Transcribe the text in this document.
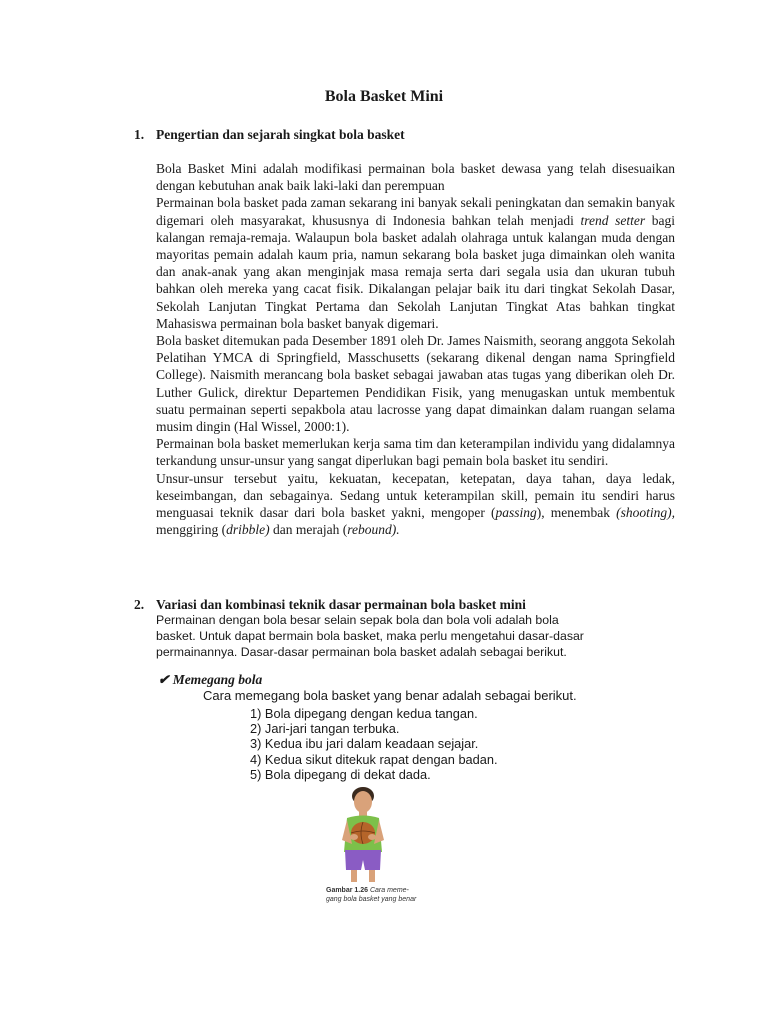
Bola Basket Mini
1. Pengertian dan sejarah singkat bola basket

Bola Basket Mini adalah modifikasi permainan bola basket dewasa yang telah disesuaikan dengan kebutuhan anak baik laki-laki dan perempuan

Permainan bola basket pada zaman sekarang ini banyak sekali peningkatan dan semakin banyak digemari oleh masyarakat, khususnya di Indonesia bahkan telah menjadi trend setter bagi kalangan remaja-remaja. Walaupun bola basket adalah olahraga untuk kalangan muda dengan mayoritas pemain adalah kaum pria, namun sekarang bola basket juga dimainkan oleh wanita dan anak-anak yang akan menginjak masa remaja serta dari segala usia dan ukuran tubuh bahkan oleh mereka yang cacat fisik. Dikalangan pelajar baik itu dari tingkat Sekolah Dasar, Sekolah Lanjutan Tingkat Pertama dan Sekolah Lanjutan Tingkat Atas bahkan tingkat Mahasiswa permainan bola basket banyak digemari.

Bola basket ditemukan pada Desember 1891 oleh Dr. James Naismith, seorang anggota Sekolah Pelatihan YMCA di Springfield, Masschusetts (sekarang dikenal dengan nama Springfield College). Naismith merancang bola basket sebagai jawaban atas tugas yang diberikan oleh Dr. Luther Gulick, direktur Departemen Pendidikan Fisik, yang menugaskan untuk membentuk suatu permainan seperti sepakbola atau lacrosse yang dapat dimainkan dalam ruangan selama musim dingin (Hal Wissel, 2000:1).

Permainan bola basket memerlukan kerja sama tim dan keterampilan individu yang didalamnya terkandung unsur-unsur yang sangat diperlukan bagi pemain bola basket itu sendiri.

Unsur-unsur tersebut yaitu, kekuatan, kecepatan, ketepatan, daya tahan, daya ledak, keseimbangan, dan sebagainya. Sedang untuk keterampilan skill, pemain itu sendiri harus menguasai teknik dasar dari bola basket yakni, mengoper (passing), menembak (shooting), menggiring (dribble) dan merajah (rebound).

2. Variasi dan kombinasi teknik dasar permainan bola basket mini
Permainan dengan bola besar selain sepak bola dan bola voli adalah bola
basket. Untuk dapat bermain bola basket, maka perlu mengetahui dasar-dasar
permainannya. Dasar-dasar permainan bola basket adalah sebagai berikut.
✔ Memegang bola
Cara memegang bola basket yang benar adalah sebagai berikut.
1) Bola dipegang dengan kedua tangan.
2) Jari-jari tangan terbuka.
3) Kedua ibu jari dalam keadaan sejajar.
4) Kedua sikut ditekuk rapat dengan badan.
5) Bola dipegang di dekat dada.
Gambar 1.26 Cara meme-
gang bola basket yang benar
